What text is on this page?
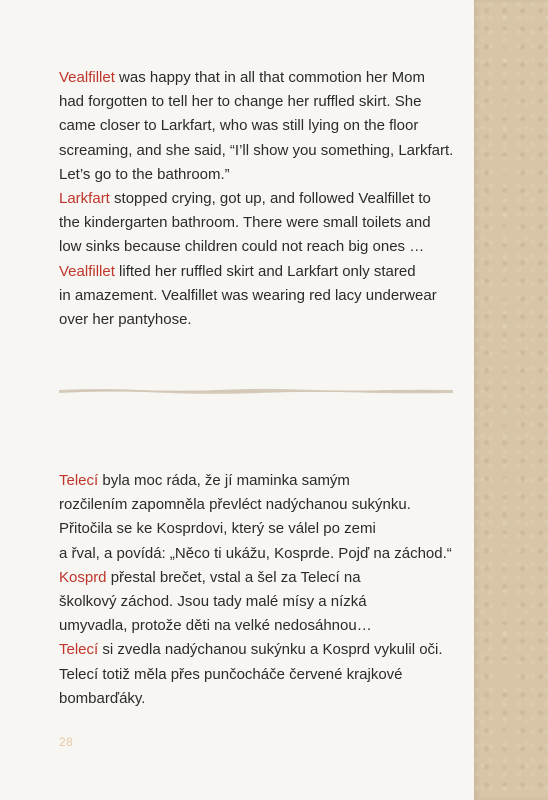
Vealfillet was happy that in all that commotion her Mom
had forgotten to tell her to change her ruffled skirt. She
came closer to Larkfart, who was still lying on the floor
screaming, and she said, “I’ll show you something, Larkfart.
Let’s go to the bathroom.”
Larkfart stopped crying, got up, and followed Vealfillet to
the kindergarten bathroom. There were small toilets and
low sinks because children could not reach big ones …
Vealfillet lifted her ruffled skirt and Larkfart only stared
in amazement. Vealfillet was wearing red lacy underwear
over her pantyhose.
Telecí byla moc ráda, že jí maminka samým
rozčilením zapomněla převléct nadýchanou sukýnku.
Přitočila se ke Kosprdovi, který se válel po zemi
a řval, a povídá: „Něco ti ukážu, Kosprde. Pojď na záchod.“
Kosprd přestal brečet, vstal a šel za Telecí na
školkový záchod. Jsou tady malé mísy a nízká
umyvadla, protože děti na velké nedosáhnou…
Telecí si zvedla nadýchanou sukýnku a Kosprd vykulil oči.
Telecí totiž měla přes punčocháče červené krajkové
bombarďáky.
28
